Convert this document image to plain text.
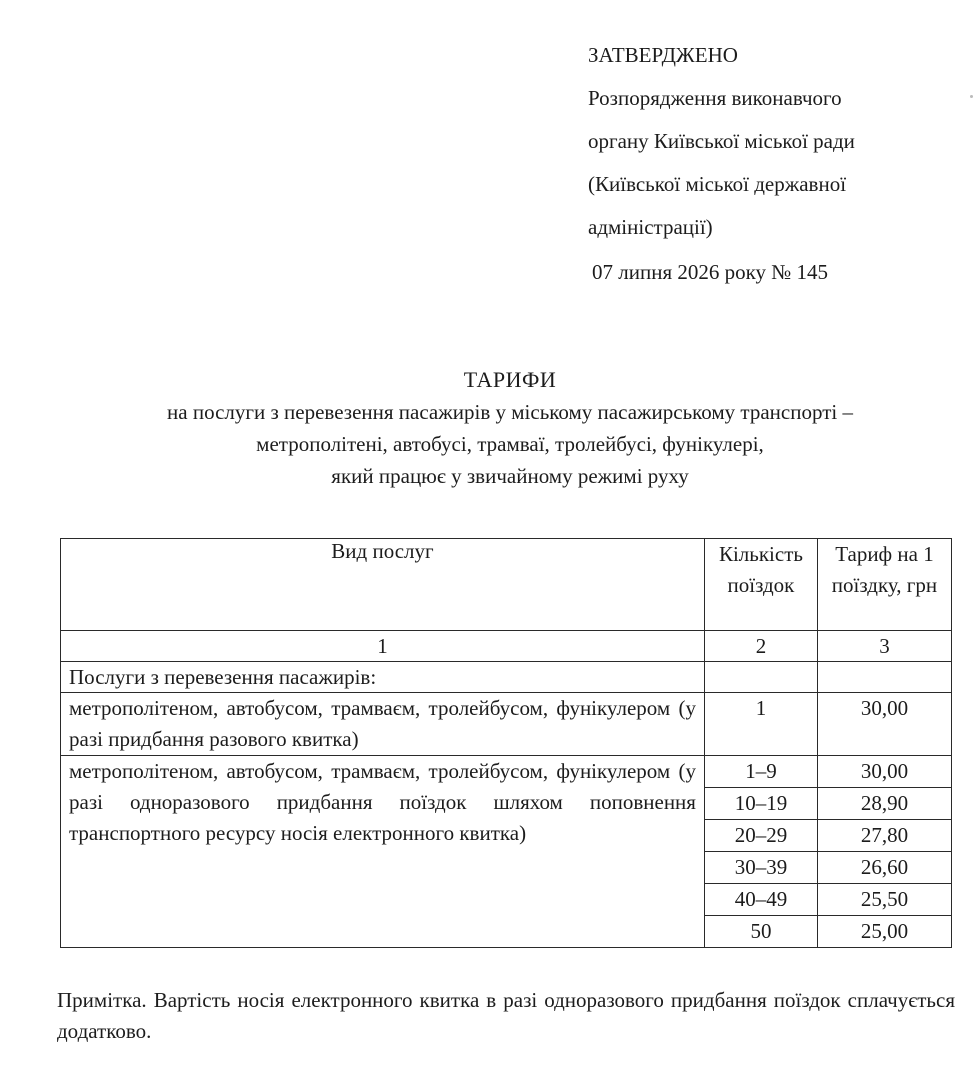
ЗАТВЕРДЖЕНО
Розпорядження виконавчого
органу Київської міської ради
(Київської міської державної
адміністрації)
07 липня 2026 року № 145
ТАРИФИ
на послуги з перевезення пасажирів у міському пасажирському транспорті –
метрополітені, автобусі, трамваї, тролейбусі, фунікулері,
який працює у звичайному режимі руху
Вид послуг	Кількість поїздок	Тариф на 1 поїздку, грн
1	2	3
Послуги з перевезення пасажирів:		
метрополітеном, автобусом, трамваєм, тролейбусом, фунікулером (у разі придбання разового квитка)	1	30,00
метрополітеном, автобусом, трамваєм, тролейбусом, фунікулером (у разі одноразового придбання поїздок шляхом поповнення транспортного ресурсу носія електронного квитка)	1–9	30,00
	10–19	28,90
	20–29	27,80
	30–39	26,60
	40–49	25,50
	50	25,00
Примітка. Вартість носія електронного квитка в разі одноразового придбання поїздок сплачується додатково.
